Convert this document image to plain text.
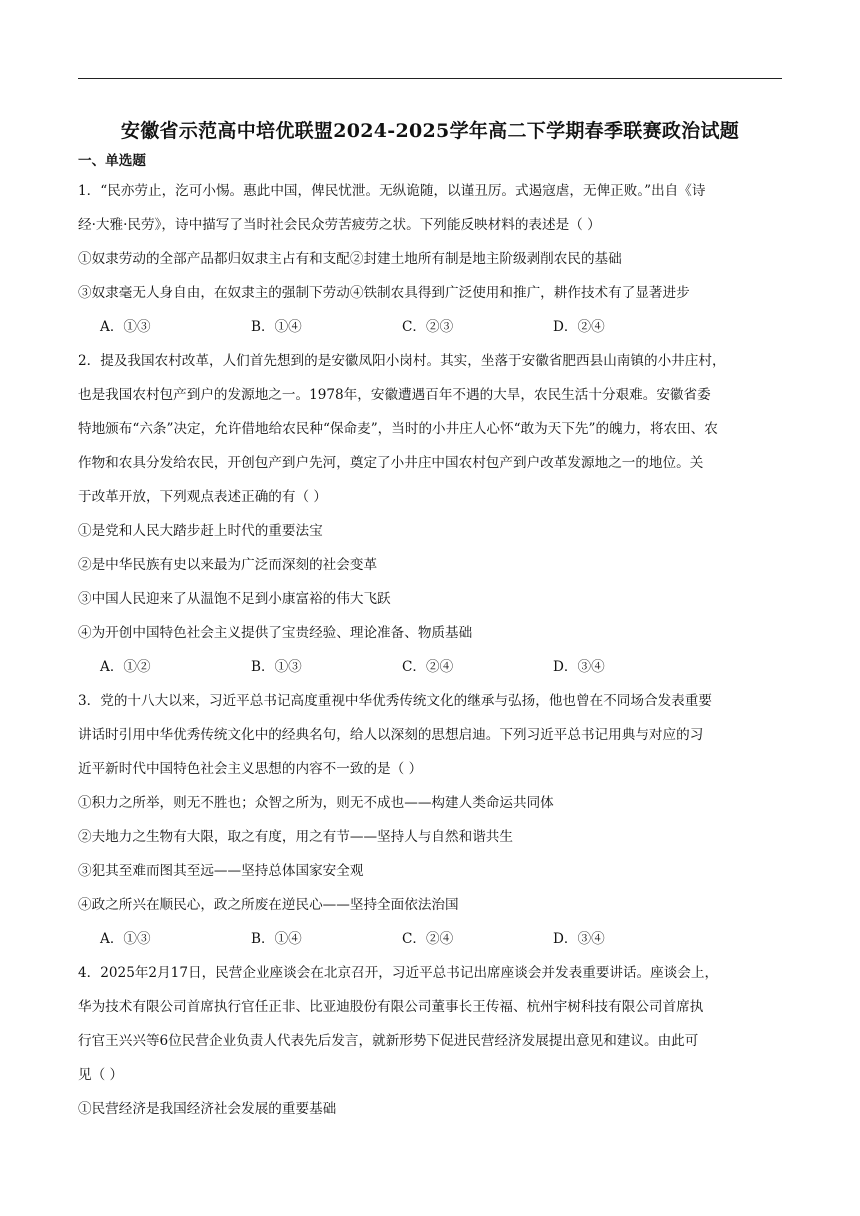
安徽省示范高中培优联盟2024-2025学年高二下学期春季联赛政治试题
一、单选题
1．“民亦劳止，汔可小惕。惠此中国，俾民忧泄。无纵诡随，以谨丑厉。式遏寇虐，无俾正败。”出自《诗
经·大雅·民劳》，诗中描写了当时社会民众劳苦疲劳之状。下列能反映材料的表述是（ ）
①奴隶劳动的全部产品都归奴隶主占有和支配②封建土地所有制是地主阶级剥削农民的基础
③奴隶毫无人身自由，在奴隶主的强制下劳动④铁制农具得到广泛使用和推广，耕作技术有了显著进步
A．①③	B．①④	C．②③	D．②④
2．提及我国农村改革，人们首先想到的是安徽凤阳小岗村。其实，坐落于安徽省肥西县山南镇的小井庄村，
也是我国农村包产到户的发源地之一。1978年，安徽遭遇百年不遇的大旱，农民生活十分艰难。安徽省委
特地颁布“六条”决定，允许借地给农民种“保命麦”，当时的小井庄人心怀“敢为天下先”的魄力，将农田、农
作物和农具分发给农民，开创包产到户先河，奠定了小井庄中国农村包产到户改革发源地之一的地位。关
于改革开放，下列观点表述正确的有（ ）
①是党和人民大踏步赶上时代的重要法宝
②是中华民族有史以来最为广泛而深刻的社会变革
③中国人民迎来了从温饱不足到小康富裕的伟大飞跃
④为开创中国特色社会主义提供了宝贵经验、理论准备、物质基础
A．①②	B．①③	C．②④	D．③④
3．党的十八大以来，习近平总书记高度重视中华优秀传统文化的继承与弘扬，他也曾在不同场合发表重要
讲话时引用中华优秀传统文化中的经典名句，给人以深刻的思想启迪。下列习近平总书记用典与对应的习
近平新时代中国特色社会主义思想的内容不一致的是（ ）
①积力之所举，则无不胜也；众智之所为，则无不成也——构建人类命运共同体
②夫地力之生物有大限，取之有度，用之有节——坚持人与自然和谐共生
③犯其至难而图其至远——坚持总体国家安全观
④政之所兴在顺民心，政之所废在逆民心——坚持全面依法治国
A．①③	B．①④	C．②④	D．③④
4．2025年2月17日，民营企业座谈会在北京召开，习近平总书记出席座谈会并发表重要讲话。座谈会上，
华为技术有限公司首席执行官任正非、比亚迪股份有限公司董事长王传福、杭州宇树科技有限公司首席执
行官王兴兴等6位民营企业负责人代表先后发言，就新形势下促进民营经济发展提出意见和建议。由此可
见（ ）
①民营经济是我国经济社会发展的重要基础
